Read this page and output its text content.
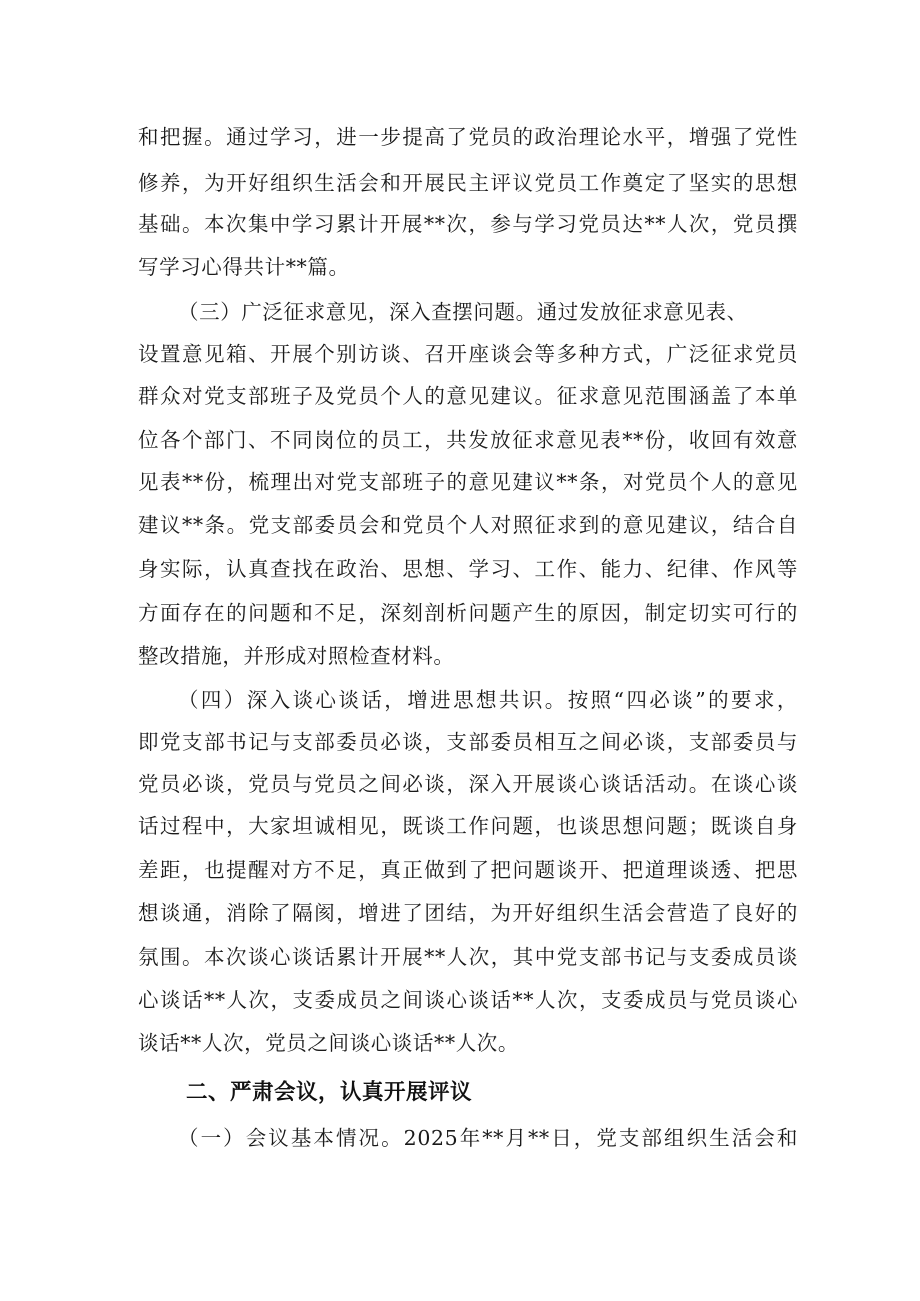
和把握。通过学习，进一步提高了党员的政治理论水平，增强了党性
修养，为开好组织生活会和开展民主评议党员工作奠定了坚实的思想
基础。本次集中学习累计开展**次，参与学习党员达**人次，党员撰
写学习心得共计**篇。
（三）广泛征求意见，深入查摆问题。通过发放征求意见表、
设置意见箱、开展个别访谈、召开座谈会等多种方式，广泛征求党员
群众对党支部班子及党员个人的意见建议。征求意见范围涵盖了本单
位各个部门、不同岗位的员工，共发放征求意见表**份，收回有效意
见表**份，梳理出对党支部班子的意见建议**条，对党员个人的意见
建议**条。党支部委员会和党员个人对照征求到的意见建议，结合自
身实际，认真查找在政治、思想、学习、工作、能力、纪律、作风等
方面存在的问题和不足，深刻剖析问题产生的原因，制定切实可行的
整改措施，并形成对照检查材料。
（四）深入谈心谈话，增进思想共识。按照“四必谈”的要求，
即党支部书记与支部委员必谈，支部委员相互之间必谈，支部委员与
党员必谈，党员与党员之间必谈，深入开展谈心谈话活动。在谈心谈
话过程中，大家坦诚相见，既谈工作问题，也谈思想问题；既谈自身
差距，也提醒对方不足，真正做到了把问题谈开、把道理谈透、把思
想谈通，消除了隔阂，增进了团结，为开好组织生活会营造了良好的
氛围。本次谈心谈话累计开展**人次，其中党支部书记与支委成员谈
心谈话**人次，支委成员之间谈心谈话**人次，支委成员与党员谈心
谈话**人次，党员之间谈心谈话**人次。
二、严肃会议，认真开展评议
（一）会议基本情况。2025年**月**日，党支部组织生活会和
